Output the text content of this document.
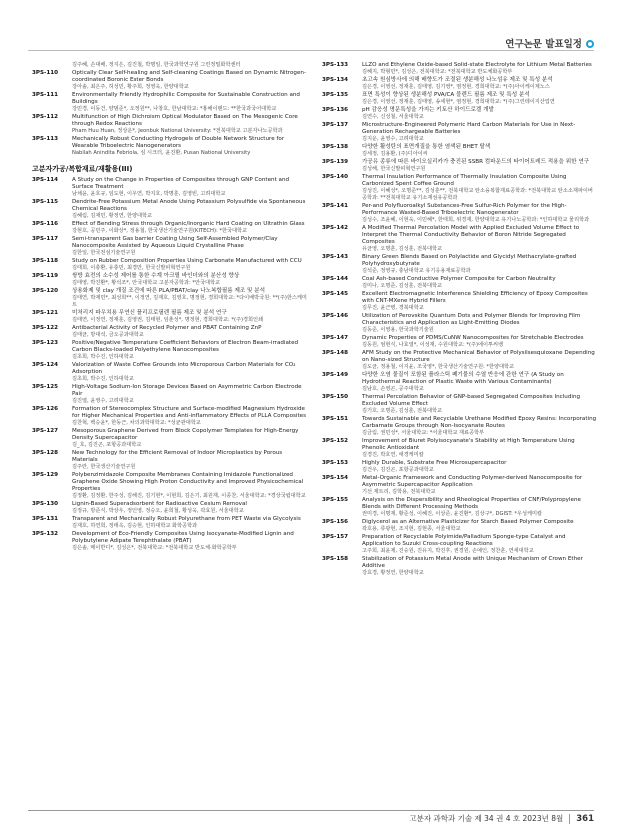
연구논문 발표일정
김주혜, 손대배, 정지은, 김진철, 박명일, 한국과학연구원 그린정밀화학센터
3PS-110 Optically Clear Self-healing and Self-cleaning Coatings Based on Dynamic Nitrogen-coordinated Boronic Ester Bonds
강아솔, 최은주, 허성민, 황주희, 정영욱, 한양대학교
3PS-111 Environmentally Friendly Hydrophilic Composite for Sustainable Construction and Buildings
강민경, 이동건, 양범준*, 오정원**, 나창호, 한남대학교: *홍해이랜드: **한국과국어대학교
3PS-112 Multifunction of High Dichroism Optical Modulator Based on The Mesogenic Core through Redox Reactions
Pham Huu Huan, 정상운*, Jeonbuk National University: *전북대학교 고분자나노공학과
3PS-113 Mechanically Robust Conducting Hydrogels of Double Network Structure for Wearable Triboelectric Nanogenerators
Nabilah Anindita Febriola, 심 시크터, 윤진환, Pusan National University
고분자가공/복합재료/재활용(III)
3PS-114 A Study on the Change in Properties of Composites through GNP Content and Surface Treatment
남채윤, 윤호규, 임도현, 이우연, 박지호, 박명훈, 김영빈, 고려대학교
3PS-115 Dendrite-Free Potassium Metal Anode Using Potassium Polysulfide via Spontaneous Chemical Reactions
김혜림, 김재민, 황정연, 한양대학교
3PS-116 Effect of Bending Stress through Organic/Inorganic Hard Coating on Ultrathin Glass
강현호, 공민주, 이화상*, 정용철, 한국생산기술연구원(KITECH): *한국대학교
3PS-117 Semi-transparent Gas barrier Coating Using Self-Assembled Polymer/Clay Nanocomposite Assisted by Aqueous Liquid Crystalline Phase
김한일, 한국전섬기술연구원
3PS-118 Study on Rubber Composition Properties Using Carbonate Manufactured with CCU
김태희, 이충환, 유충민, 최경만, 한국신발피혁연구원
3PS-119 쌍방 효전의 소수성 제어를 통한 수계 아크릴 바인더와의 분산성 향상
김태영, 박진환*, 황석조*, 안국대학교 고분자공학과: *안국대학교
3PS-120 상용화제 및 clay 개질 조건에 따른 PLA/PBAT/clay 나노복합필름 제조 및 분석
김태연, 박재민*, 최성희**, 이정연, 김재호, 김영호, 명정현, 경희대학교: *다이배박국원: **(주)한스케미트
3PS-121 미처리지 파우치용 무연신 플리프로필렌 필름 제조 및 분석 연구
김태연, 이정연, 정재훈, 김영권, 김태현, 임춘성*, 명정현, 경희대학교: *(주)경희인쇄
3PS-122 Antibacterial Activity of Recycled Polymer and PBAT Containing ZnP
김태균, 방대석, 금오공과대학교
3PS-123 Positive/Negative Temperature Coefficient Behaviors of Electron Beam-irradiated Carbon Blacks-loaded Polyethylene Nanocomposites
김초희, 박수진, 인하대학교
3PS-124 Valorization of Waste Coffee Grounds into Microporous Carbon Materials for CO₂ Adsorption
김초희, 박수진, 인하대학교
3PS-125 High-Voltage Sodium-Ion Storage Devices Based on Asymmetric Carbon Electrode Pair
김진열, 윤영수, 고려대학교
3PS-126 Formation of Stereocomplex Structure and Surface-modified Magnesium Hydroxide for Higher Mechanical Properties and Anti-inflammatory Effects of PLLA Composites
김찬혁, 백승윤*, 한동근, 차의과학대학교: *성균관대학교
3PS-127 Mesoporous Graphene Derived from Block Copolymer Templates for High-Energy Density Supercapacitor
김_호, 김진곤, 포항공과대학교
3PS-128 New Technology for the Efficient Removal of Indoor Microplastics by Porous Materials
김주란, 한국생산기술연구원
3PS-129 Polybenzimidazole Composite Membranes Containing Imidazole Functionalized Graphene Oxide Showing High Proton Conductivity and Improved Physicochemical Properties
김정환, 김정환, 한주성, 김해진, 김기현*, 이현희, 김은기, 최원재, 이종찬, 서울대학교: *경상국립대학교
3PS-130 Lignin-Based Superadsorbent for Radioactive Cesium Removal
김정규, 방준식, 박상우, 정인영, 정승오, 윤희철, 황성욱, 곽효원, 서울대학교
3PS-131 Transparent and Mechanically Robust Polyurethane from PET Waste via Glycolysis
김재호, 하연희, 정태옥, 김승현, 인하대학교 화학공학과
3PS-132 Development of Eco-Friendly Composites Using Isocyanate-Modified Lignin and Polybutylene Adipate Terephthalate (PBAT)
김은솔, 메이반디*, 김성은*, 전북대학교: *전북대학교 반도체·화학공학부
3PS-133 LLZO and Ethylene Oxide-based Solid-state Electrolyte for Lithium Metal Batteries
김혜지, 박형민*, 김성은, 전북대학교: *전북대학교 반도체화공학부
3PS-134 초고속 원심방사에 의해 배향도가 조절된 생분해성 나노섬유 제조 및 특성 분석
김은경, 이영선, 정재훈, 김태영, 김기영*, 염정현, 경희대학교: *(주)아이케이제노스
3PS-135 표면 특성이 향상된 생분해성 PVA/CA 블렌드 필름 제조 및 특성 분석
김은경, 이영선, 정재훈, 김태영, 송세현*, 염정현, 경희대학교: *(주)그린테이지산업연
3PS-136 pH 감응성 명문특성을 가지는 키토산 하이드로겔 개발
김연수, 신성철, 서울대학교
3PS-137 Microstructure-Engineered Polymeric Hard Carbon Materials for Use in Next-Generation Rechargeable Batteries
김지운, 윤영수, 고려대학교
3PS-138 다양한 활성탄의 표면개질을 통한 염색된 BHET 탈색
김세정, 김용환, (주)디아이씨
3PS-139 가공유 종류에 따른 바이오실리카가 충진된 SSBR 컴파운드의 타이어트레드 적용을 위한 연구
김성해, 한국신발피혁연구원
3PS-140 Thermal Insulation Performance of Thermally Insulation Composite Using Carbonized Spent Coffee Ground
김성진, 이혜성*, 오명준**, 김성훈**, 전북대학교 탄소융복합재료공학과: *전북대학교 탄소소재파이버공학과: **전북대학교 유기소재섬유공학과
3PS-141 Per-and Polyfluoroalkyl Substances-Free Sulfur-Rich Polymer for the High-Performance Wasted-Based Triboelectric Nanogenerator
김성수, 조윤혜, 이현욱, 이민혜*, 한태희, 위경재, 한양대학교 유기나노공학과: *인하대학교 물리학과
3PS-142 A Modified Thermal Percolation Model with Applied Excluded Volume Effect to Interpret the Thermal Conductivity Behavior of Boron Nitride Segregated Composites
유균영, 오명훈, 김성훈, 전북대학교
3PS-143 Binary Green Blends Based on Polylactide and Glycidyl Methacrylate-grafted Polyhydroxybutyrate
김석준, 정영규, 충남대학교 유기응용재료공학과
3PS-144 Coal Ash-based Conductive Polymer Composite for Carbon Neutrality
김미나, 오명준, 김성훈, 전북대학교
3PS-145 Excellent Electromagnetic Interference Shielding Efficiency of Epoxy Composites with CNT-MXene Hybrid Fillers
김무진, 윤근병, 경북대학교
3PS-146 Utilization of Perovskite Quantum Dots and Polymer Blends for Improving Film Characteristics and Application as Light-Emitting Diodes
김동준, 이영용, 한국과학기술원
3PS-147 Dynamic Properties of PDMS/CuNW Nanocomposites for Stretchable Electrodes
김동원, 엄현식, 나효열*, 이성재, 수원대학교: *(주)에이투씨뱅
3PS-148 AFM Study on the Protective Mechanical Behavior of Polysilsesquioxane Depending on Nano-sized Structure
김도균, 정용철, 이지윤, 조국영*, 한국생산기술연구원: *한양대학교
3PS-149 다양한 오염 물질이 포함된 플라스틱 폐기물의 수열 반응에 관한 연구 (A Study on Hydrothermal Reaction of Plastic Waste with Various Contaminants)
김남호, 손영곤, 공주대학교
3PS-150 Thermal Percolation Behavior of GNP-based Segregated Composites Including Excluded Volume Effect
김기호, 오명준, 김성훈, 전북대학교
3PS-151 Towards Sustainable and Recyclable Urethane Modified Epoxy Resins: Incorporating Carbamate Groups through Non-Isocyanate Routes
김금림, 권민성*, 서울대학교: *서울대학교 재료공학부
3PS-152 Improvement of Biuret Polyisocyanate's Stability at High Temperature Using Phenolic Antioxidant
김경진, 박호연, 애경케미칼
3PS-153 Highly Durable, Substrate Free Microsupercapacitor
김건우, 김진곤, 포항공과대학교
3PS-154 Metal-Organic Framework and Conducting Polymer-derived Nanocomposite for Asymmetric Supercapacitor Application
기선 제트리, 김학용, 전북대학교
3PS-155 Analysis on the Dispersibility and Rheological Properties of CNF/Polypropylene Blends with Different Processing Methods
권미경, 이명재, 황준성, 이혜진, 이상준, 윤진환*, 김상구*, DGIST: *우성케미칼
3PS-156 Diglycerol as an Alternative Plasticizer for Starch Based Polymer Composite
곽호용, 류광현, 조지현, 김현종, 서울대학교
3PS-157 Preparation of Recyclable Polyimide/Palladium Sponge-type Catalyst and Application to Suzuki Cross-coupling Reactions
고주희, 최윤제, 진승원, 진유지, 박진후, 권경원, 손예인, 정찬훈, 연세대학교
3PS-158 Stabilization of Potassium Metal Anode with Unique Mechanism of Crown Ether Additive
강효경, 황정연, 한양대학교
고분자 과학과 기술 제 34 권 4 호 2023년 8월 361
